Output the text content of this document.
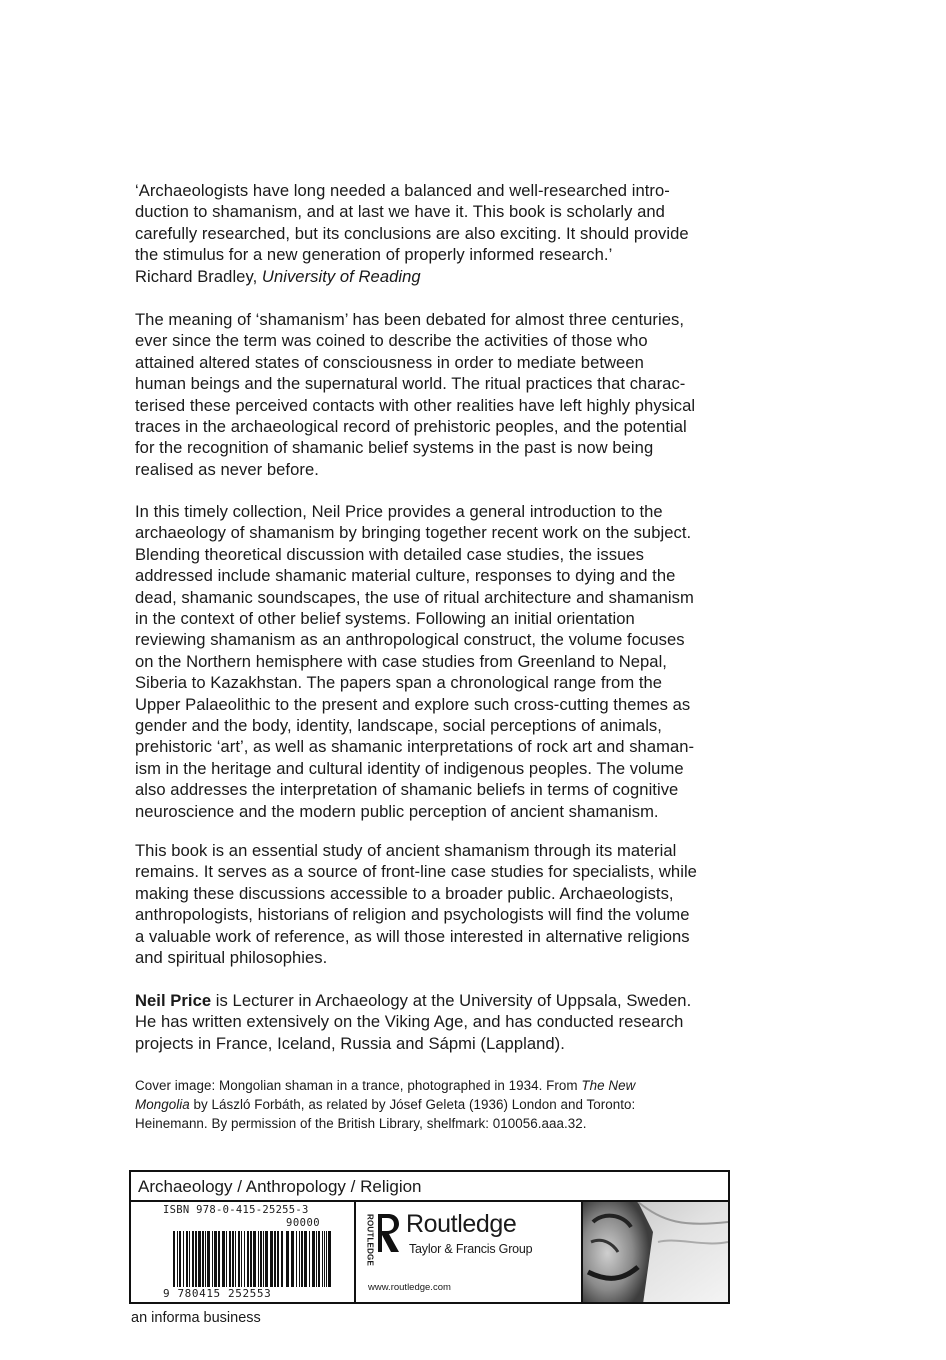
‘Archaeologists have long needed a balanced and well-researched intro-
duction to shamanism, and at last we have it. This book is scholarly and
carefully researched, but its conclusions are also exciting. It should provide
the stimulus for a new generation of properly informed research.’
Richard Bradley, University of Reading

The meaning of ‘shamanism’ has been debated for almost three centuries,
ever since the term was coined to describe the activities of those who
attained altered states of consciousness in order to mediate between
human beings and the supernatural world. The ritual practices that charac-
terised these perceived contacts with other realities have left highly physical
traces in the archaeological record of prehistoric peoples, and the potential
for the recognition of shamanic belief systems in the past is now being
realised as never before.

In this timely collection, Neil Price provides a general introduction to the
archaeology of shamanism by bringing together recent work on the subject.
Blending theoretical discussion with detailed case studies, the issues
addressed include shamanic material culture, responses to dying and the
dead, shamanic soundscapes, the use of ritual architecture and shamanism
in the context of other belief systems. Following an initial orientation
reviewing shamanism as an anthropological construct, the volume focuses
on the Northern hemisphere with case studies from Greenland to Nepal,
Siberia to Kazakhstan. The papers span a chronological range from the
Upper Palaeolithic to the present and explore such cross-cutting themes as
gender and the body, identity, landscape, social perceptions of animals,
prehistoric ‘art’, as well as shamanic interpretations of rock art and shaman-
ism in the heritage and cultural identity of indigenous peoples. The volume
also addresses the interpretation of shamanic beliefs in terms of cognitive
neuroscience and the modern public perception of ancient shamanism.

This book is an essential study of ancient shamanism through its material
remains. It serves as a source of front-line case studies for specialists, while
making these discussions accessible to a broader public. Archaeologists,
anthropologists, historians of religion and psychologists will find the volume
a valuable work of reference, as will those interested in alternative religions
and spiritual philosophies.

Neil Price is Lecturer in Archaeology at the University of Uppsala, Sweden.
He has written extensively on the Viking Age, and has conducted research
projects in France, Iceland, Russia and Sápmi (Lappland).

Cover image: Mongolian shaman in a trance, photographed in 1934. From The New
Mongolia by László Forbáth, as related by Jósef Geleta (1936) London and Toronto:
Heinemann. By permission of the British Library, shelfmark: 010056.aaa.32.

Archaeology / Anthropology / Religion
ISBN 978-0-415-25255-3
90000
9 780415 252553
ROUTLEDGE Routledge
Taylor & Francis Group
www.routledge.com
an informa business
